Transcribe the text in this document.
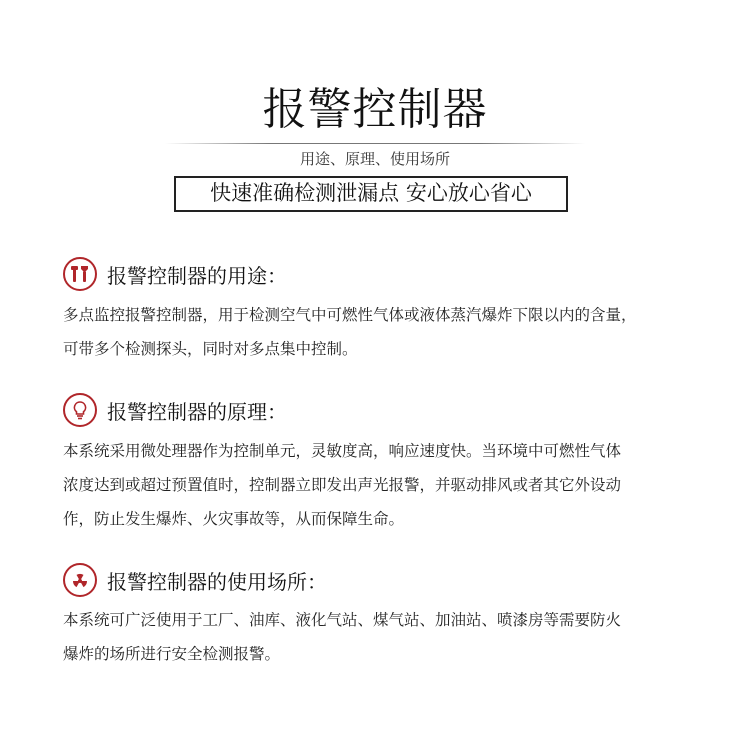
报警控制器
用途、原理、使用场所
快速准确检测泄漏点 安心放心省心
报警控制器的用途：

多点监控报警控制器，用于检测空气中可燃性气体或液体蒸汽爆炸下限以内的含量，

可带多个检测探头，同时对多点集中控制。

报警控制器的原理：

本系统采用微处理器作为控制单元，灵敏度高，响应速度快。当环境中可燃性气体

浓度达到或超过预置值时，控制器立即发出声光报警，并驱动排风或者其它外设动

作，防止发生爆炸、火灾事故等，从而保障生命。

报警控制器的使用场所：

本系统可广泛使用于工厂、油库、液化气站、煤气站、加油站、喷漆房等需要防火

爆炸的场所进行安全检测报警。
